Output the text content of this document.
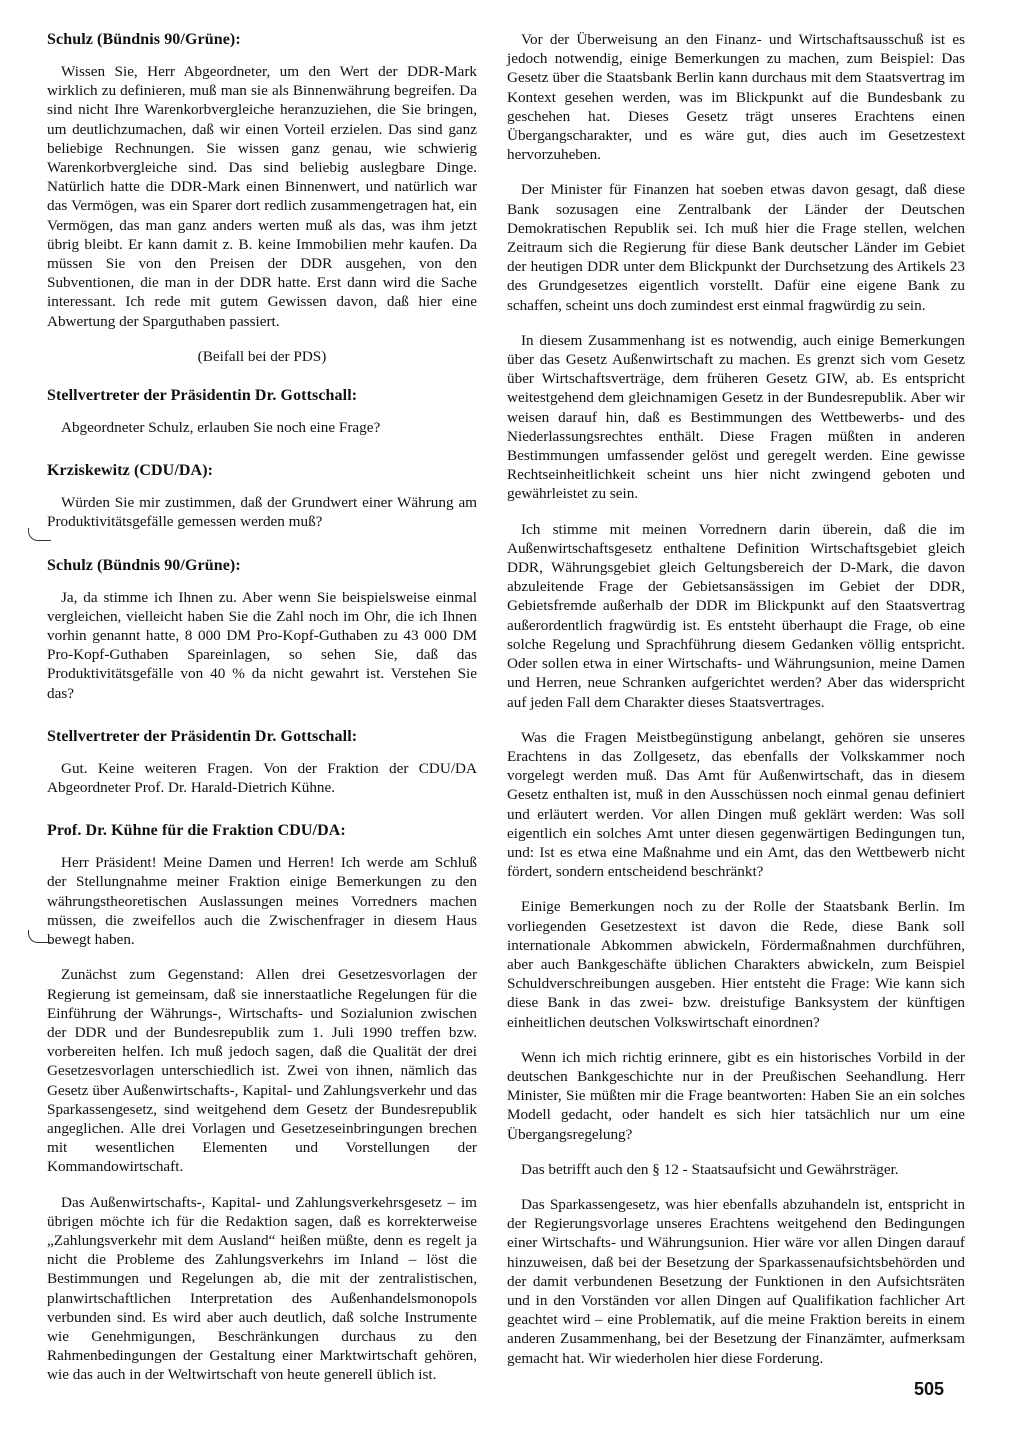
Schulz (Bündnis 90/Grüne):

Wissen Sie, Herr Abgeordneter, um den Wert der DDR-Mark wirklich zu definieren, muß man sie als Binnenwährung begreifen. Da sind nicht Ihre Warenkorbvergleiche heranzuziehen, die Sie bringen, um deutlichzumachen, daß wir einen Vorteil erzielen. Das sind ganz beliebige Rechnungen. Sie wissen ganz genau, wie schwierig Warenkorbvergleiche sind. Das sind beliebig auslegbare Dinge. Natürlich hatte die DDR-Mark einen Binnenwert, und natürlich war das Vermögen, was ein Sparer dort redlich zusammengetragen hat, ein Vermögen, das man ganz anders werten muß als das, was ihm jetzt übrig bleibt. Er kann damit z. B. keine Immobilien mehr kaufen. Da müssen Sie von den Preisen der DDR ausgehen, von den Subventionen, die man in der DDR hatte. Erst dann wird die Sache interessant. Ich rede mit gutem Gewissen davon, daß hier eine Abwertung der Sparguthaben passiert.

(Beifall bei der PDS)

Stellvertreter der Präsidentin Dr. Gottschall:

Abgeordneter Schulz, erlauben Sie noch eine Frage?

Krziskewitz (CDU/DA):

Würden Sie mir zustimmen, daß der Grundwert einer Währung am Produktivitätsgefälle gemessen werden muß?

Schulz (Bündnis 90/Grüne):

Ja, da stimme ich Ihnen zu. Aber wenn Sie beispielsweise einmal vergleichen, vielleicht haben Sie die Zahl noch im Ohr, die ich Ihnen vorhin genannt hatte, 8 000 DM Pro-Kopf-Guthaben zu 43 000 DM Pro-Kopf-Guthaben Spareinlagen, so sehen Sie, daß das Produktivitätsgefälle von 40 % da nicht gewahrt ist. Verstehen Sie das?

Stellvertreter der Präsidentin Dr. Gottschall:

Gut. Keine weiteren Fragen. Von der Fraktion der CDU/DA Abgeordneter Prof. Dr. Harald-Dietrich Kühne.

Prof. Dr. Kühne für die Fraktion CDU/DA:

Herr Präsident! Meine Damen und Herren! Ich werde am Schluß der Stellungnahme meiner Fraktion einige Bemerkungen zu den währungstheoretischen Auslassungen meines Vorredners machen müssen, die zweifellos auch die Zwischenfrager in diesem Haus bewegt haben.

Zunächst zum Gegenstand: Allen drei Gesetzesvorlagen der Regierung ist gemeinsam, daß sie innerstaatliche Regelungen für die Einführung der Währungs-, Wirtschafts- und Sozialunion zwischen der DDR und der Bundesrepublik zum 1. Juli 1990 treffen bzw. vorbereiten helfen. Ich muß jedoch sagen, daß die Qualität der drei Gesetzesvorlagen unterschiedlich ist. Zwei von ihnen, nämlich das Gesetz über Außenwirtschafts-, Kapital- und Zahlungsverkehr und das Sparkassengesetz, sind weitgehend dem Gesetz der Bundesrepublik angeglichen. Alle drei Vorlagen und Gesetzeseinbringungen brechen mit wesentlichen Elementen und Vorstellungen der Kommandowirtschaft.

Das Außenwirtschafts-, Kapital- und Zahlungsverkehrsgesetz – im übrigen möchte ich für die Redaktion sagen, daß es korrekterweise „Zahlungsverkehr mit dem Ausland“ heißen müßte, denn es regelt ja nicht die Probleme des Zahlungsverkehrs im Inland – löst die Bestimmungen und Regelungen ab, die mit der zentralistischen, planwirtschaftlichen Interpretation des Außenhandelsmonopols verbunden sind. Es wird aber auch deutlich, daß solche Instrumente wie Genehmigungen, Beschränkungen durchaus zu den Rahmenbedingungen der Gestaltung einer Marktwirtschaft gehören, wie das auch in der Weltwirtschaft von heute generell üblich ist.

Vor der Überweisung an den Finanz- und Wirtschaftsausschuß ist es jedoch notwendig, einige Bemerkungen zu machen, zum Beispiel: Das Gesetz über die Staatsbank Berlin kann durchaus mit dem Staatsvertrag im Kontext gesehen werden, was im Blickpunkt auf die Bundesbank zu geschehen hat. Dieses Gesetz trägt unseres Erachtens einen Übergangscharakter, und es wäre gut, dies auch im Gesetzestext hervorzuheben.

Der Minister für Finanzen hat soeben etwas davon gesagt, daß diese Bank sozusagen eine Zentralbank der Länder der Deutschen Demokratischen Republik sei. Ich muß hier die Frage stellen, welchen Zeitraum sich die Regierung für diese Bank deutscher Länder im Gebiet der heutigen DDR unter dem Blickpunkt der Durchsetzung des Artikels 23 des Grundgesetzes eigentlich vorstellt. Dafür eine eigene Bank zu schaffen, scheint uns doch zumindest erst einmal fragwürdig zu sein.

In diesem Zusammenhang ist es notwendig, auch einige Bemerkungen über das Gesetz Außenwirtschaft zu machen. Es grenzt sich vom Gesetz über Wirtschaftsverträge, dem früheren Gesetz GIW, ab. Es entspricht weitestgehend dem gleichnamigen Gesetz in der Bundesrepublik. Aber wir weisen darauf hin, daß es Bestimmungen des Wettbewerbs- und des Niederlassungsrechtes enthält. Diese Fragen müßten in anderen Bestimmungen umfassender gelöst und geregelt werden. Eine gewisse Rechtseinheitlichkeit scheint uns hier nicht zwingend geboten und gewährleistet zu sein.

Ich stimme mit meinen Vorrednern darin überein, daß die im Außenwirtschaftsgesetz enthaltene Definition Wirtschaftsgebiet gleich DDR, Währungsgebiet gleich Geltungsbereich der D-Mark, die davon abzuleitende Frage der Gebietsansässigen im Gebiet der DDR, Gebietsfremde außerhalb der DDR im Blickpunkt auf den Staatsvertrag außerordentlich fragwürdig ist. Es entsteht überhaupt die Frage, ob eine solche Regelung und Sprachführung diesem Gedanken völlig entspricht. Oder sollen etwa in einer Wirtschafts- und Währungsunion, meine Damen und Herren, neue Schranken aufgerichtet werden? Aber das widerspricht auf jeden Fall dem Charakter dieses Staatsvertrages.

Was die Fragen Meistbegünstigung anbelangt, gehören sie unseres Erachtens in das Zollgesetz, das ebenfalls der Volkskammer noch vorgelegt werden muß. Das Amt für Außenwirtschaft, das in diesem Gesetz enthalten ist, muß in den Ausschüssen noch einmal genau definiert und erläutert werden. Vor allen Dingen muß geklärt werden: Was soll eigentlich ein solches Amt unter diesen gegenwärtigen Bedingungen tun, und: Ist es etwa eine Maßnahme und ein Amt, das den Wettbewerb nicht fördert, sondern entscheidend beschränkt?

Einige Bemerkungen noch zu der Rolle der Staatsbank Berlin. Im vorliegenden Gesetzestext ist davon die Rede, diese Bank soll internationale Abkommen abwickeln, Fördermaßnahmen durchführen, aber auch Bankgeschäfte üblichen Charakters abwickeln, zum Beispiel Schuldverschreibungen ausgeben. Hier entsteht die Frage: Wie kann sich diese Bank in das zwei- bzw. dreistufige Banksystem der künftigen einheitlichen deutschen Volkswirtschaft einordnen?

Wenn ich mich richtig erinnere, gibt es ein historisches Vorbild in der deutschen Bankgeschichte nur in der Preußischen Seehandlung. Herr Minister, Sie müßten mir die Frage beantworten: Haben Sie an ein solches Modell gedacht, oder handelt es sich hier tatsächlich nur um eine Übergangsregelung?

Das betrifft auch den § 12 - Staatsaufsicht und Gewährsträger.

Das Sparkassengesetz, was hier ebenfalls abzuhandeln ist, entspricht in der Regierungsvorlage unseres Erachtens weitgehend den Bedingungen einer Wirtschafts- und Währungsunion. Hier wäre vor allen Dingen darauf hinzuweisen, daß bei der Besetzung der Sparkassenaufsichtsbehörden und der damit verbundenen Besetzung der Funktionen in den Aufsichtsräten und in den Vorständen vor allen Dingen auf Qualifikation fachlicher Art geachtet wird – eine Problematik, auf die meine Fraktion bereits in einem anderen Zusammenhang, bei der Besetzung der Finanzämter, aufmerksam gemacht hat. Wir wiederholen hier diese Forderung.

505
